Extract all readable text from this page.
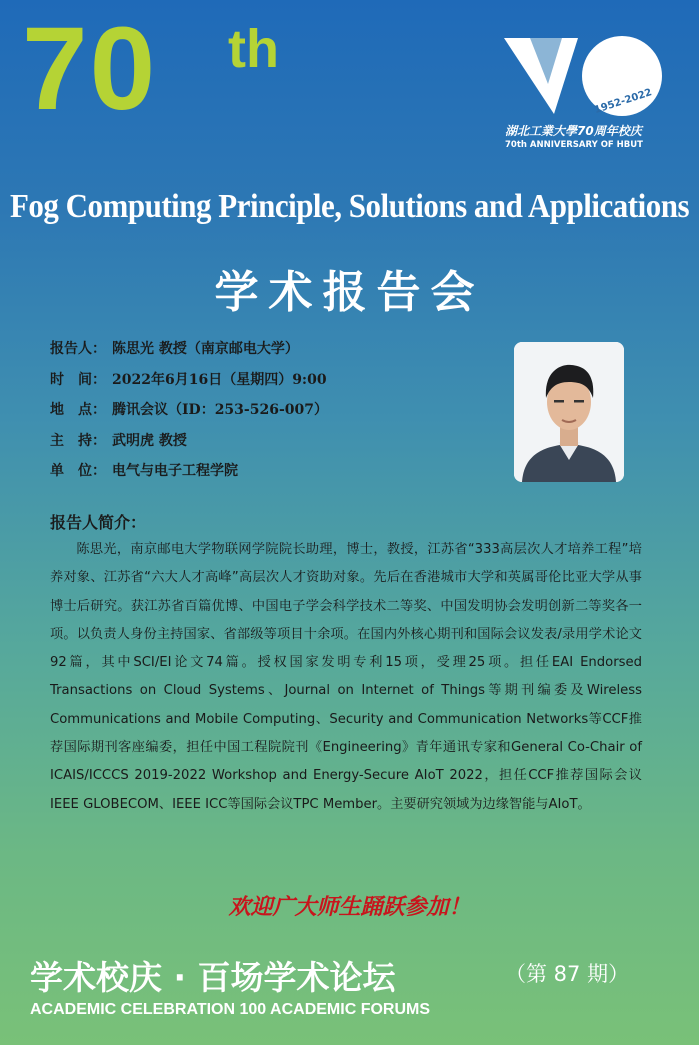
70 th
1952-2022
湖北工業大學70周年校庆
70th ANNIVERSARY OF HBUT
Fog Computing Principle, Solutions and Applications
学术报告会
报告人： 陈思光 教授（南京邮电大学）
时　间： 2022年6月16日（星期四）9:00
地　点： 腾讯会议（ID：253-526-007）
主　持： 武明虎 教授
单　位： 电气与电子工程学院
报告人简介：

陈思光，南京邮电大学物联网学院院长助理，博士，教授，江苏省“333高层次人才培养工程”培养对象、江苏省“六大人才高峰”高层次人才资助对象。先后在香港城市大学和英属哥伦比亚大学从事博士后研究。获江苏省百篇优博、中国电子学会科学技术二等奖、中国发明协会发明创新二等奖各一项。以负责人身份主持国家、省部级等项目十余项。在国内外核心期刊和国际会议发表/录用学术论文92篇，其中SCI/EI论文74篇。授权国家发明专利15项，受理25项。担任EAI Endorsed Transactions on Cloud Systems、Journal on Internet of Things等期刊编委及Wireless Communications and Mobile Computing、Security and Communication Networks等CCF推荐国际期刊客座编委，担任中国工程院院刊《Engineering》青年通讯专家和General Co-Chair of ICAIS/ICCCS 2019-2022 Workshop and Energy-Secure AIoT 2022，担任CCF推荐国际会议IEEE GLOBECOM、IEEE ICC等国际会议TPC Member。主要研究领域为边缘智能与AIoT。

欢迎广大师生踊跃参加！
学术校庆 · 百场学术论坛	（第 87 期）
ACADEMIC CELEBRATION 100 ACADEMIC FORUMS
